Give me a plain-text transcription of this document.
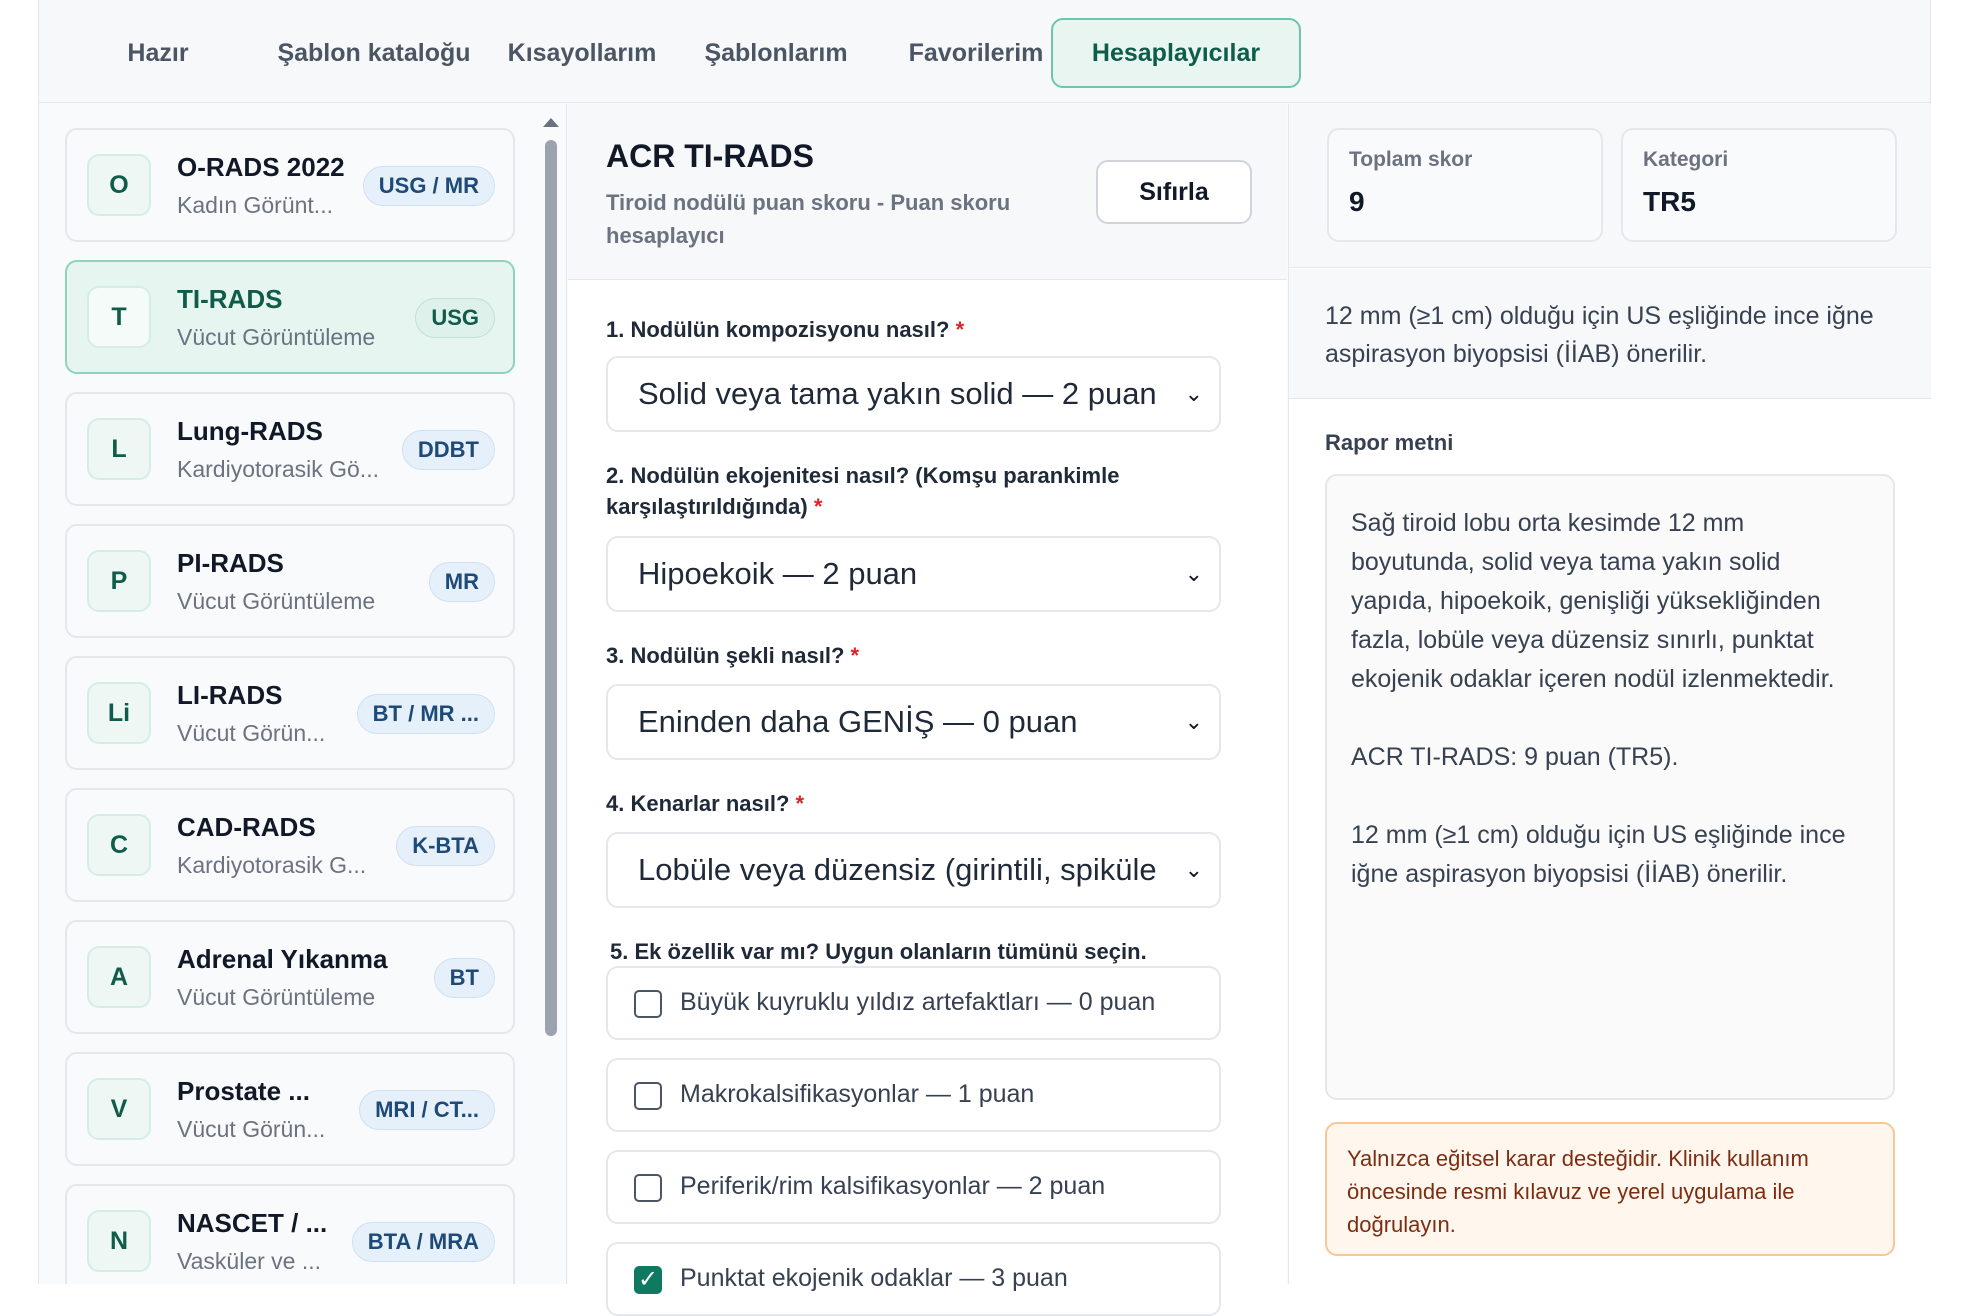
Hazır	Şablon kataloğu	Kısayollarım	Şablonlarım	Favorilerim	Hesaplayıcılar
O
O-RADS 2022
Kadın Görünt...
USG / MR
T
TI-RADS
Vücut Görüntüleme
USG
L
Lung-RADS
Kardiyotorasik Gö...
DDBT
P
PI-RADS
Vücut Görüntüleme
MR
Li
LI-RADS
Vücut Görün...
BT / MR ...
C
CAD-RADS
Kardiyotorasik G...
K-BTA
A
Adrenal Yıkanma
Vücut Görüntüleme
BT
V
Prostate ...
Vücut Görün...
MRI / CT...
N
NASCET / ...
Vasküler ve ...
BTA / MRA
ACR TI-RADS
Tiroid nodülü puan skoru - Puan skoru hesaplayıcı
Sıfırla
1. Nodülün kompozisyonu nasıl? *
Solid veya tama yakın solid — 2 puan ⌄
2. Nodülün ekojenitesi nasıl? (Komşu parankimle karşılaştırıldığında) *
Hipoekoik — 2 puan	⌄
3. Nodülün şekli nasıl? *
Eninden daha GENİŞ — 0 puan	⌄
4. Kenarlar nasıl? *
Lobüle veya düzensiz (girintili, spiküle ⌄
5. Ek özellik var mı? Uygun olanların tümünü seçin.
Büyük kuyruklu yıldız artefaktları — 0 puan
Makrokalsifikasyonlar — 1 puan
Periferik/rim kalsifikasyonlar — 2 puan
✓ Punktat ekojenik odaklar — 3 puan
Toplam skor
9
Kategori
TR5
12 mm (≥1 cm) olduğu için US eşliğinde ince iğne aspirasyon biyopsisi (İİAB) önerilir.
Rapor metni

Sağ tiroid lobu orta kesimde 12 mm boyutunda, solid veya tama yakın solid yapıda, hipoekoik, genişliği yüksekliğinden fazla, lobüle veya düzensiz sınırlı, punktat ekojenik odaklar içeren nodül izlenmektedir.

ACR TI-RADS: 9 puan (TR5).

12 mm (≥1 cm) olduğu için US eşliğinde ince iğne aspirasyon biyopsisi (İİAB) önerilir.

Yalnızca eğitsel karar desteğidir. Klinik kullanım öncesinde resmi kılavuz ve yerel uygulama ile doğrulayın.
